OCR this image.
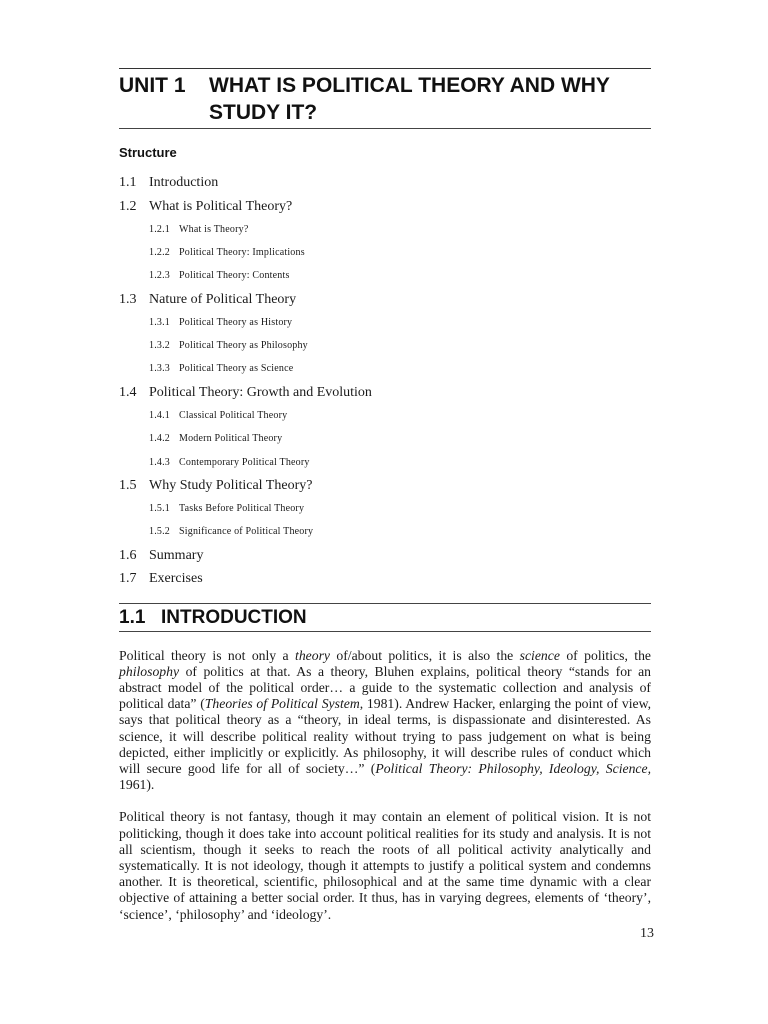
UNIT 1	WHAT IS POLITICAL THEORY AND WHY STUDY IT?
Structure
1.1 Introduction
1.2 What is Political Theory?
1.2.1 What is Theory?
1.2.2 Political Theory: Implications
1.2.3 Political Theory: Contents
1.3 Nature of Political Theory
1.3.1 Political Theory as History
1.3.2 Political Theory as Philosophy
1.3.3 Political Theory as Science
1.4 Political Theory: Growth and Evolution
1.4.1 Classical Political Theory
1.4.2 Modern Political Theory
1.4.3 Contemporary Political Theory
1.5 Why Study Political Theory?
1.5.1 Tasks Before Political Theory
1.5.2 Significance of Political Theory
1.6 Summary
1.7 Exercises
1.1 INTRODUCTION

Political theory is not only a theory of/about politics, it is also the science of politics, the philosophy of politics at that. As a theory, Bluhen explains, political theory “stands for an abstract model of the political order… a guide to the systematic collection and analysis of political data” (Theories of Political System, 1981). Andrew Hacker, enlarging the point of view, says that political theory as a “theory, in ideal terms, is dispassionate and disinterested. As science, it will describe political reality without trying to pass judgement on what is being depicted, either implicitly or explicitly. As philosophy, it will describe rules of conduct which will secure good life for all of society…” (Political Theory: Philosophy, Ideology, Science, 1961).

Political theory is not fantasy, though it may contain an element of political vision. It is not politicking, though it does take into account political realities for its study and analysis. It is not all scientism, though it seeks to reach the roots of all political activity analytically and systematically. It is not ideology, though it attempts to justify a political system and condemns another. It is theoretical, scientific, philosophical and at the same time dynamic with a clear objective of attaining a better social order. It thus, has in varying degrees, elements of ‘theory’, ‘science’, ‘philosophy’ and ‘ideology’.

13
